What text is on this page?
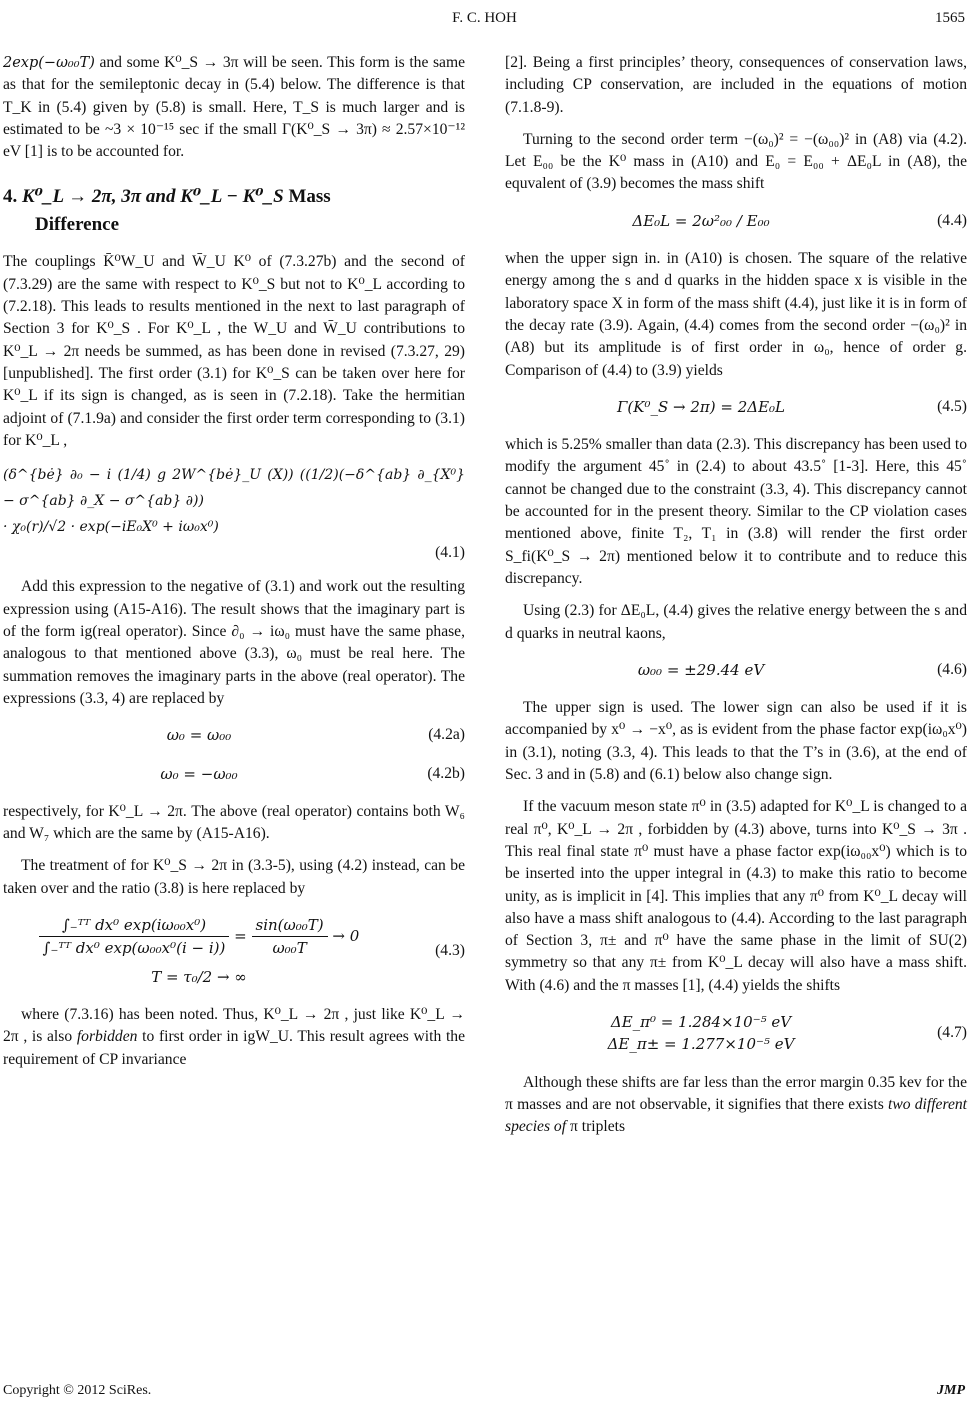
F. C. HOH	1565

2exp(−ω₀₀T) and some K⁰_S → 3π will be seen. This form is the same as that for the semileptonic decay in (5.4) below. The difference is that T_K in (5.4) given by (5.8) is small. Here, T_S is much larger and is estimated to be ~3 × 10⁻¹⁵ sec if the small Γ(K⁰_S → 3π) ≈ 2.57×10⁻¹² eV [1] is to be accounted for.

4. K⁰_L → 2π, 3π and K⁰_L − K⁰_S Mass
Difference

The couplings K̄⁰W_U and W̄_U K⁰ of (7.3.27b) and the second of (7.3.29) are the same with respect to K⁰_S but not to K⁰_L according to (7.2.18). This leads to results mentioned in the next to last paragraph of Section 3 for K⁰_S . For K⁰_L , the W_U and W̄_U contributions to K⁰_L → 2π needs be summed, as has been done in revised (7.3.27, 29) [unpublished]. The first order (3.1) for K⁰_S can be taken over here for K⁰_L if its sign is changed, as is seen in (7.2.18). Take the hermitian adjoint of (7.1.9a) and consider the first order term corresponding to (3.1) for K⁰_L ,

(δ^{bė} ∂₀ − i (1/4) g 2W^{bė}_U (X)) ((1/2)(−δ^{ab} ∂_{X⁰} − σ^{ab} ∂_X − σ^{ab} ∂))
· χ₀(r)/√2 · exp(−iE₀X⁰ + iω₀x⁰)
(4.1)

Add this expression to the negative of (3.1) and work out the resulting expression using (A15-A16). The result shows that the imaginary part is of the form ig(real operator). Since ∂₀ → iω₀ must have the same phase, analogous to that mentioned above (3.3), ω₀ must be real here. The summation removes the imaginary parts in the above (real operator). The expressions (3.3, 4) are replaced by

ω₀ = ω₀₀	(4.2a)
ω₀ = −ω₀₀	(4.2b)

respectively, for K⁰_L → 2π. The above (real operator) contains both W₆ and W₇ which are the same by (A15-A16).

The treatment of for K⁰_S → 2π in (3.3-5), using (4.2) instead, can be taken over and the ratio (3.8) is here replaced by

$\frac{\text{∫₋ᵀᵀ dx⁰ exp(iω₀₀x⁰)}}{\text{∫₋ᵀᵀ dx⁰ exp(ω₀₀x⁰(i − i))}} = \frac{\text{sin(ω₀₀T)}}{\text{ω₀₀T}} \to 0$
T = τ₀/2 → ∞
(4.3)

where (7.3.16) has been noted. Thus, K⁰_L → 2π , just like K⁰_L → 2π , is also forbidden to first order in igW_U. This result agrees with the requirement of CP invariance

[2]. Being a first principles’ theory, consequences of conservation laws, including CP conservation, are included in the equations of motion (7.1.8-9).

Turning to the second order term −(ω₀)² = −(ω₀₀)² in (A8) via (4.2). Let E₀₀ be the K⁰ mass in (A10) and E₀ = E₀₀ + ΔE₀L in (A8), the equvalent of (3.9) becomes the mass shift

ΔE₀L = 2ω²₀₀ / E₀₀	(4.4)

when the upper sign in. in (A10) is chosen. The square of the relative energy among the s and d quarks in the hidden space x is visible in the laboratory space X in form of the mass shift (4.4), just like it is in form of the decay rate (3.9). Again, (4.4) comes from the second order −(ω₀)² in (A8) but its amplitude is of first order in ω₀, hence of order g. Comparison of (4.4) to (3.9) yields

Γ(K⁰_S → 2π) = 2ΔE₀L	(4.5)

which is 5.25% smaller than data (2.3). This discrepancy has been used to modify the argument 45˚ in (2.4) to about 43.5˚ [1-3]. Here, this 45˚ cannot be changed due to the constraint (3.3, 4). This discrepancy cannot be accounted for in the present theory. Similar to the CP violation cases mentioned above, finite T₂, T₁ in (3.8) will render the first order S_fi(K⁰_S → 2π) mentioned below it to contribute and to reduce this discrepancy.

Using (2.3) for ΔE₀L, (4.4) gives the relative energy between the s and d quarks in neutral kaons,

ω₀₀ = ±29.44 eV	(4.6)

The upper sign is used. The lower sign can also be used if it is accompanied by x⁰ → −x⁰, as is evident from the phase factor exp(iω₀x⁰) in (3.1), noting (3.3, 4). This leads to that the T’s in (3.6), at the end of Sec. 3 and in (5.8) and (6.1) below also change sign.

If the vacuum meson state π⁰ in (3.5) adapted for K⁰_L is changed to a real π⁰, K⁰_L → 2π , forbidden by (4.3) above, turns into K⁰_S → 3π . This real final state π⁰ must have a phase factor exp(iω₀₀x⁰) which is to be inserted into the upper integral in (4.3) to make this ratio to become unity, as is implicit in [4]. This implies that any π⁰ from K⁰_L decay will also have a mass shift analogous to (4.4). According to the last paragraph of Section 3, π± and π⁰ have the same phase in the limit of SU(2) symmetry so that any π± from K⁰_L decay will also have a mass shift. With (4.6) and the π masses [1], (4.4) yields the shifts

ΔE_π⁰ = 1.284×10⁻⁵ eV
ΔE_π± = 1.277×10⁻⁵ eV
(4.7)

Although these shifts are far less than the error margin 0.35 kev for the π masses and are not observable, it signifies that there exists two different species of π triplets

Copyright © 2012 SciRes.	JMP
